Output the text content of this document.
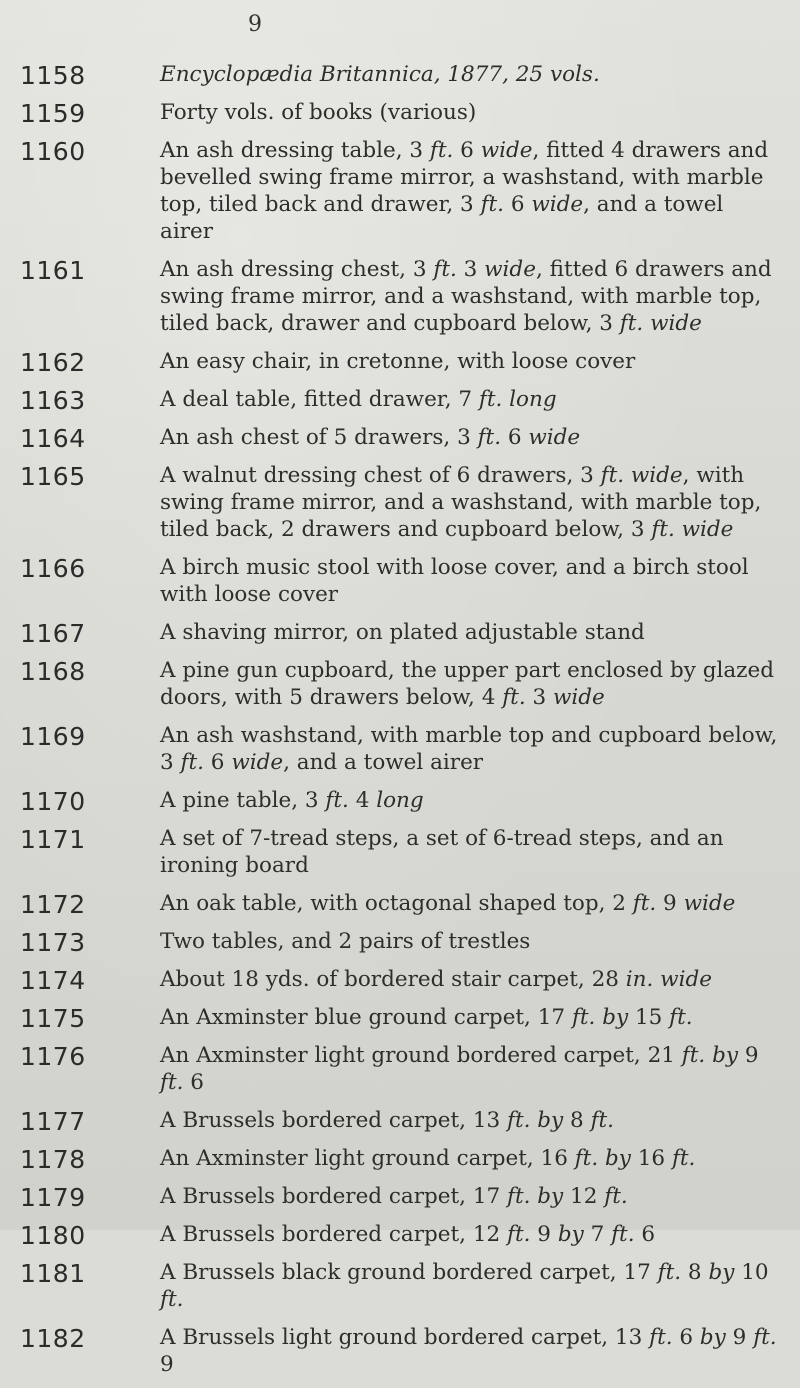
9
1158	Encyclopædia Britannica, 1877, 25 vols.
1159	Forty vols. of books (various)
1160	An ash dressing table, 3 ft. 6 wide, fitted 4 drawers and bevelled swing frame mirror, a washstand, with marble top, tiled back and drawer, 3 ft. 6 wide, and a towel airer
1161	An ash dressing chest, 3 ft. 3 wide, fitted 6 drawers and swing frame mirror, and a washstand, with marble top, tiled back, drawer and cupboard below, 3 ft. wide
1162	An easy chair, in cretonne, with loose cover
1163	A deal table, fitted drawer, 7 ft. long
1164	An ash chest of 5 drawers, 3 ft. 6 wide
1165	A walnut dressing chest of 6 drawers, 3 ft. wide, with swing frame mirror, and a washstand, with marble top, tiled back, 2 drawers and cupboard below, 3 ft. wide
1166	A birch music stool with loose cover, and a birch stool with loose cover
1167	A shaving mirror, on plated adjustable stand
1168	A pine gun cupboard, the upper part enclosed by glazed doors, with 5 drawers below, 4 ft. 3 wide
1169	An ash washstand, with marble top and cupboard below, 3 ft. 6 wide, and a towel airer
1170	A pine table, 3 ft. 4 long
1171	A set of 7-tread steps, a set of 6-tread steps, and an ironing board
1172	An oak table, with octagonal shaped top, 2 ft. 9 wide
1173	Two tables, and 2 pairs of trestles
1174	About 18 yds. of bordered stair carpet, 28 in. wide
1175	An Axminster blue ground carpet, 17 ft. by 15 ft.
1176	An Axminster light ground bordered carpet, 21 ft. by 9 ft. 6
1177	A Brussels bordered carpet, 13 ft. by 8 ft.
1178	An Axminster light ground carpet, 16 ft. by 16 ft.
1179	A Brussels bordered carpet, 17 ft. by 12 ft.
1180	A Brussels bordered carpet, 12 ft. 9 by 7 ft. 6
1181	A Brussels black ground bordered carpet, 17 ft. 8 by 10 ft.
1182	A Brussels light ground bordered carpet, 13 ft. 6 by 9 ft. 9
